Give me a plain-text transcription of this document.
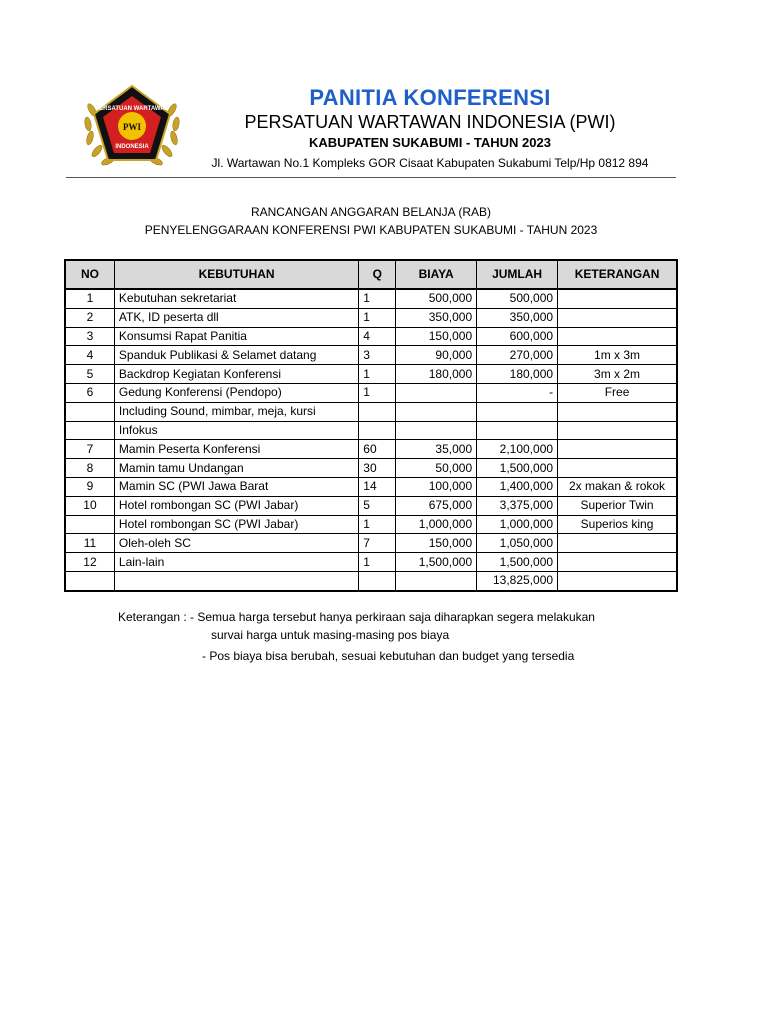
PERSATUAN WARTAWAN
PWI
INDONESIA
PANITIA KONFERENSI
PERSATUAN WARTAWAN INDONESIA (PWI)
KABUPATEN SUKABUMI - TAHUN 2023
Jl. Wartawan No.1 Kompleks GOR Cisaat Kabupaten Sukabumi Telp/Hp 0812 894
RANCANGAN ANGGARAN BELANJA (RAB)
PENYELENGGARAAN KONFERENSI PWI KABUPATEN SUKABUMI - TAHUN 2023
NO	KEBUTUHAN	Q	BIAYA	JUMLAH	KETERANGAN
1	Kebutuhan sekretariat	1	500,000	500,000	
2	ATK, ID peserta dll	1	350,000	350,000	
3	Konsumsi Rapat Panitia	4	150,000	600,000	
4	Spanduk Publikasi & Selamet datang	3	90,000	270,000	1m x 3m
5	Backdrop Kegiatan Konferensi	1	180,000	180,000	3m x 2m
6	Gedung Konferensi (Pendopo)	1		-	Free
	Including Sound, mimbar, meja, kursi				
	Infokus				
7	Mamin Peserta Konferensi	60	35,000	2,100,000	
8	Mamin tamu Undangan	30	50,000	1,500,000	
9	Mamin SC (PWI Jawa Barat	14	100,000	1,400,000	2x makan & rokok
10	Hotel rombongan SC (PWI Jabar)	5	675,000	3,375,000	Superior Twin
	Hotel rombongan SC (PWI Jabar)	1	1,000,000	1,000,000	Superios king
11	Oleh-oleh SC	7	150,000	1,050,000	
12	Lain-lain	1	1,500,000	1,500,000	
				13,825,000	
Keterangan : - Semua harga tersebut hanya perkiraan saja diharapkan segera melakukan
survai harga untuk masing-masing pos biaya
- Pos biaya bisa berubah, sesuai kebutuhan dan budget yang tersedia
